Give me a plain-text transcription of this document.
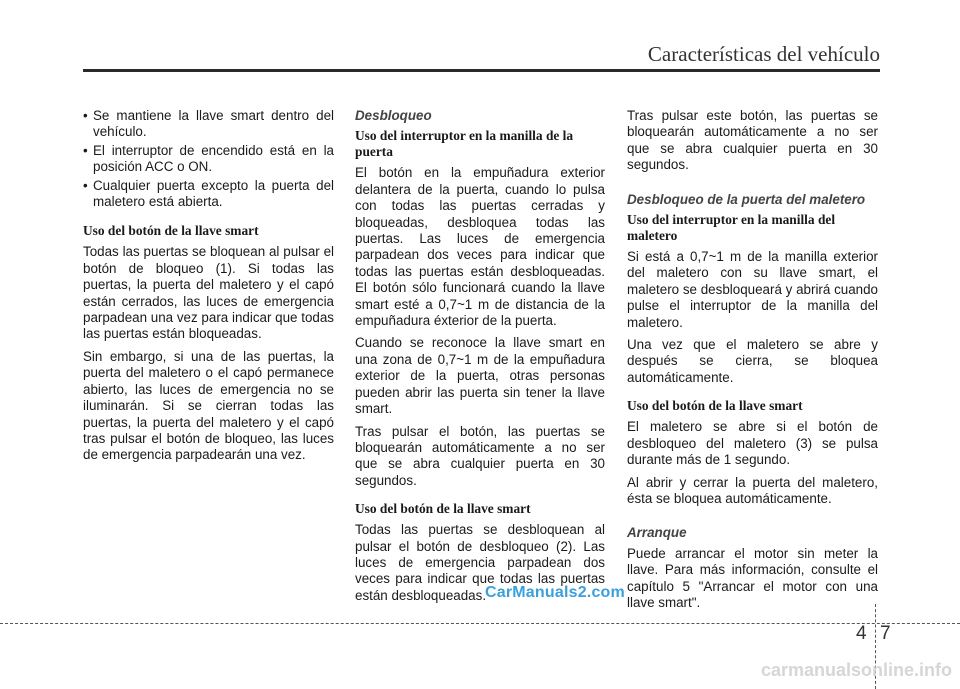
Características del vehículo
• Se mantiene la llave smart dentro del vehículo.
• El interruptor de encendido está en la posición ACC o ON.
• Cualquier puerta excepto la puerta del maletero está abierta.
Uso del botón de la llave smart

Todas las puertas se bloquean al pulsar el botón de bloqueo (1). Si todas las puertas, la puerta del maletero y el capó están cerrados, las luces de emergencia parpadean una vez para indicar que todas las puertas están bloqueadas.

Sin embargo, si una de las puertas, la puerta del maletero o el capó permanece abierto, las luces de emergencia no se iluminarán. Si se cierran todas las puertas, la puerta del maletero y el capó tras pulsar el botón de bloqueo, las luces de emergencia parpadearán una vez.

Desbloqueo
Uso del interruptor en la manilla de la puerta

El botón en la empuñadura exterior delantera de la puerta, cuando lo pulsa con todas las puertas cerradas y bloqueadas, desbloquea todas las puertas. Las luces de emergencia parpadean dos veces para indicar que todas las puertas están desbloqueadas. El botón sólo funcionará cuando la llave smart esté a 0,7~1 m de distancia de la empuñadura éxterior de la puerta.

Cuando se reconoce la llave smart en una zona de 0,7~1 m de la empuñadura exterior de la puerta, otras personas pueden abrir las puerta sin tener la llave smart.

Tras pulsar el botón, las puertas se bloquearán automáticamente a no ser que se abra cualquier puerta en 30 segundos.

Uso del botón de la llave smart

Todas las puertas se desbloquean al pulsar el botón de desbloqueo (2). Las luces de emergencia parpadean dos veces para indicar que todas las puertas están desbloqueadas.

Tras pulsar este botón, las puertas se bloquearán automáticamente a no ser que se abra cualquier puerta en 30 segundos.

Desbloqueo de la puerta del maletero
Uso del interruptor en la manilla del maletero

Si está a 0,7~1 m de la manilla exterior del maletero con su llave smart, el maletero se desbloqueará y abrirá cuando pulse el interruptor de la manilla del maletero.

Una vez que el maletero se abre y después se cierra, se bloquea automáticamente.

Uso del botón de la llave smart

El maletero se abre si el botón de desbloqueo del maletero (3) se pulsa durante más de 1 segundo.

Al abrir y cerrar la puerta del maletero, ésta se bloquea automáticamente.

Arranque

Puede arrancar el motor sin meter la llave. Para más información, consulte el capítulo 5 "Arrancar el motor con una llave smart".

CarManuals2.com
4 7
carmanualsonline.info
